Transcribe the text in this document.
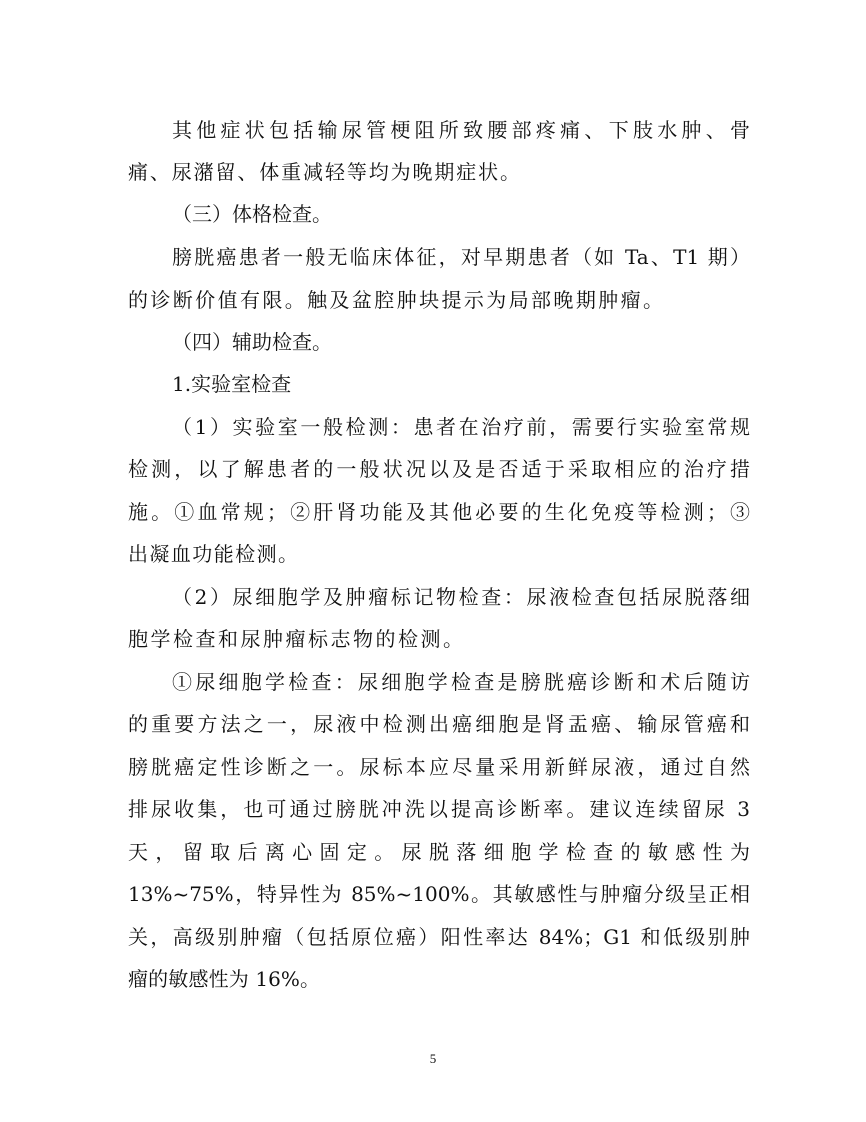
其他症状包括输尿管梗阻所致腰部疼痛、下肢水肿、骨
痛、尿潴留、体重减轻等均为晚期症状。
（三）体格检查。
膀胱癌患者一般无临床体征，对早期患者（如 Ta、T1 期）
的诊断价值有限。触及盆腔肿块提示为局部晚期肿瘤。
（四）辅助检查。
1.实验室检查
（1）实验室一般检测：患者在治疗前，需要行实验室常规
检测，以了解患者的一般状况以及是否适于采取相应的治疗措
施。①血常规；②肝肾功能及其他必要的生化免疫等检测；③
出凝血功能检测。
（2）尿细胞学及肿瘤标记物检查：尿液检查包括尿脱落细
胞学检查和尿肿瘤标志物的检测。
①尿细胞学检查：尿细胞学检查是膀胱癌诊断和术后随访
的重要方法之一，尿液中检测出癌细胞是肾盂癌、输尿管癌和
膀胱癌定性诊断之一。尿标本应尽量采用新鲜尿液，通过自然
排尿收集，也可通过膀胱冲洗以提高诊断率。建议连续留尿 3
天，留取后离心固定。尿脱落细胞学检查的敏感性为
13%~75%，特异性为 85%~100%。其敏感性与肿瘤分级呈正相
关，高级别肿瘤（包括原位癌）阳性率达 84%；G1 和低级别肿
瘤的敏感性为 16%。
5
